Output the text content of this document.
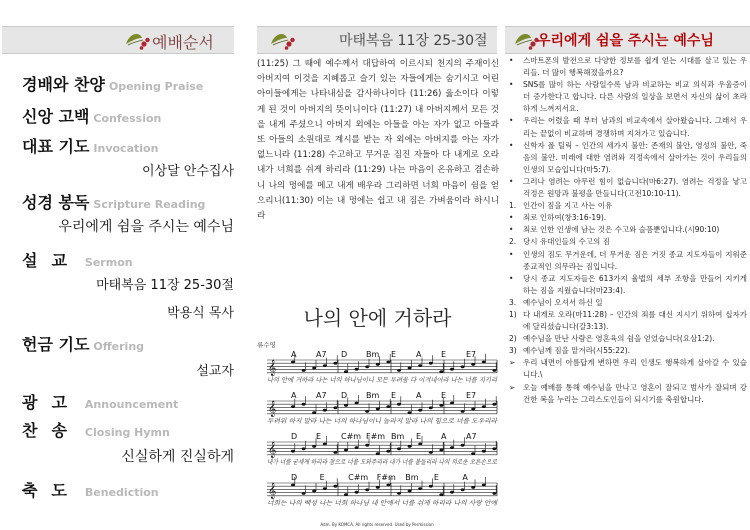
예배순서
경배와 찬양 Opening Praise
신앙 고백 Confession
대표 기도 Invocation
이상달 안수집사
성경 봉독 Scripture Reading
우리에게 쉼을 주시는 예수님
설교 Sermon
마태복음 11장 25-30절
박용식 목사
헌금 기도 Offering
설교자
광고 Announcement
찬송 Closing Hymn
신실하게 진실하게
축도 Benediction
마태복음 11장 25-30절
(11:25) 그 때에 예수께서 대답하여 이르시되 천지의 주재이신 아버지여 이것을 지혜롭고 슬기 있는 자들에게는 숨기시고 어린 아이들에게는 나타내심을 감사하나이다 (11:26) 옳소이다 이렇게 된 것이 아버지의 뜻이니이다 (11:27) 내 아버지께서 모든 것을 내게 주셨으니 아버지 외에는 아들을 아는 자가 없고 아들과 또 아들의 소원대로 계시를 받는 자 외에는 아버지를 아는 자가 없느니라 (11:28) 수고하고 무거운 짐진 자들아 다 내게로 오라 내가 너희를 쉬게 하리라 (11:29) 나는 마음이 온유하고 겸손하니 나의 멍에를 메고 내게 배우라 그리하면 너희 마음이 쉼을 얻으리니(11:30) 이는 내 멍에는 쉽고 내 짐은 가벼움이라 하시니라
나의 안에 거하라
류수영
𝄞
𝄞
𝄞
𝄞
A A7 D Bm E A E E7
A A7 D Bm E A E E7
D E C#m F#m Bm E A A7
D	E	C#m F#m Bm E	A
나의 안에 거하라 나는 너의 하나님이니 모든 두려움 다 이겨내어라 나는 너를 지키리
두려워 하지 말라 나는 너의 하나님이니 놀라지 말라 나의 힘으로 너를 도우리라
내가 너를 굳세게 하리라 참으로 너를 도와주리라 내가 너를 붙들리라 나의 의로운 오른손으로
너희는 나의 백성 나는 너희 하나님 내 안에서 너를 쉬게 하리라 나의 사랑 안에
Adm. By KOMCA, All rights reserved. Used by Permission
우리에게 쉼을 주시는 예수님
• 스마트폰의 발전으로 다양한 정보를 쉽게 얻는 시대를 살고 있는 우리들. 더 많이 행복해졌을까요?
• SNS를 많이 하는 사람일수록 남과 비교하는 비교 의식과 우울증이 더 증가한다고 합니다. 다른 사람의 일상을 보면서 자신의 삶이 초라하게 느껴져서요.
• 우리는 어렸을 때 부터 남과의 비교속에서 살아왔습니다. 그래서 우리는 끝없이 비교하며 경쟁하며 지쳐가고 있습니다.
• 신학자 폴 틸릭 – 인간의 세가지 불안: 존재의 불안, 영성의 불안, 죽음의 불안. 미래에 대한 염려와 걱정속에서 살아가는 것이 우리들의 인생의 모습입니다(마5:7).
• 그러나 염려는 아무런 힘이 없습니다(마6:27). 염려는 걱정을 낳고 걱정은 원망과 불평을 만들니다(고전10:10-11).
1. 인간이 짐을 지고 사는 이유
• 죄로 인하여(창3:16-19).
• 죄로 인한 인생에 남는 것은 수고와 슬픔뿐입니다.(시90:10)
2. 당시 유대인들의 수고의 짐
• 인생의 짐도 무거운데, 더 무거운 짐은 거짓 종교 지도자들이 지워준 종교적인 의무라는 짐입니다.
• 당시 종교 지도자들은 613가지 율법의 세부 조항을 만들어 지키게 하는 짐을 지웠습니다(마23:4).
3. 예수님이 오셔서 하신 일
1) 다 내게로 오라(마11:28) – 인간의 죄를 대신 지시기 위하여 십자가에 달리셨습니다(갈3:13).
2) 예수님을 만난 사람은 영혼육의 쉼을 얻었습니다(요삼1:2).
3) 예수님께 짐을 맡겨라(시55:22).
➢ 우리 내면이 아름답게 변하면 우리 인생도 행복하게 살아갈 수 있습니다.\
➢ 오늘 예배를 통해 예수님을 만나고 영혼이 잘되고 범사가 잘되며 강건한 복을 누리는 그리스도인들이 되시기를 축원합니다.
